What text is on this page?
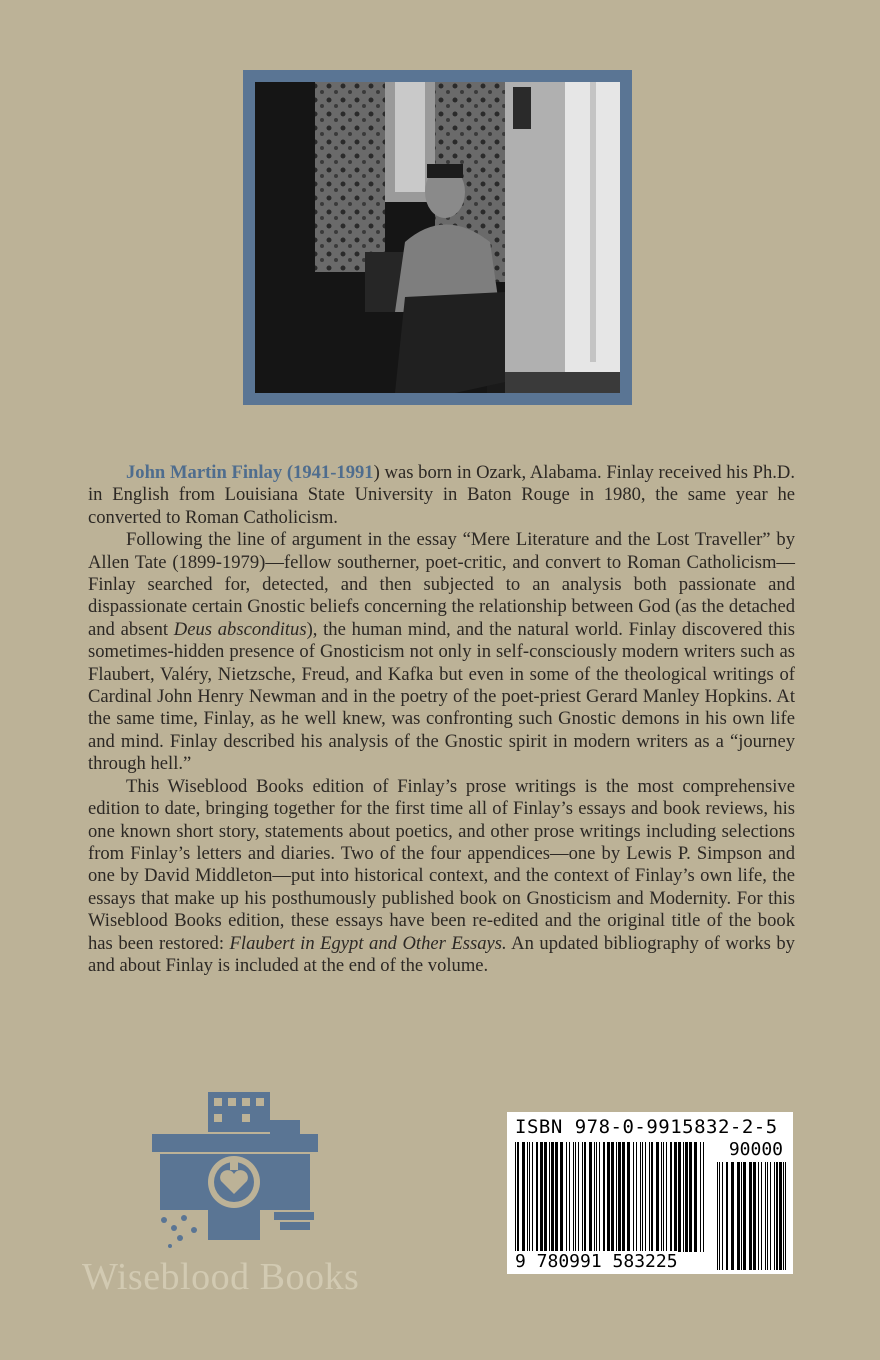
John Martin Finlay (1941-1991) was born in Ozark, Alabama. Finlay received his Ph.D. in English from Louisiana State University in Baton Rouge in 1980, the same year he converted to Roman Catholicism.

Following the line of argument in the essay “Mere Literature and the Lost Traveller” by Allen Tate (1899-1979)—fellow southerner, poet-critic, and convert to Roman Catholicism—Finlay searched for, detected, and then subjected to an analysis both passionate and dispassionate certain Gnostic beliefs concerning the relationship between God (as the detached and absent Deus absconditus), the human mind, and the natural world. Finlay discovered this sometimes-hidden presence of Gnosticism not only in self-consciously modern writers such as Flaubert, Valéry, Nietzsche, Freud, and Kafka but even in some of the theological writings of Cardinal John Henry Newman and in the poetry of the poet-priest Gerard Manley Hopkins. At the same time, Finlay, as he well knew, was confronting such Gnostic demons in his own life and mind. Finlay described his analysis of the Gnostic spirit in modern writers as a “journey through hell.”

This Wiseblood Books edition of Finlay’s prose writings is the most comprehensive edition to date, bringing together for the first time all of Finlay’s essays and book reviews, his one known short story, statements about poetics, and other prose writings including selections from Finlay’s letters and diaries. Two of the four appendices—one by Lewis P. Simpson and one by David Middleton—put into historical context, and the context of Finlay’s own life, the essays that make up his posthumously published book on Gnosticism and Modernity. For this Wiseblood Books edition, these essays have been re-edited and the original title of the book has been restored: Flaubert in Egypt and Other Essays. An updated bibliography of works by and about Finlay is included at the end of the volume.

Wiseblood Books
ISBN 978-0-9915832-2-5
90000
9 780991 583225
